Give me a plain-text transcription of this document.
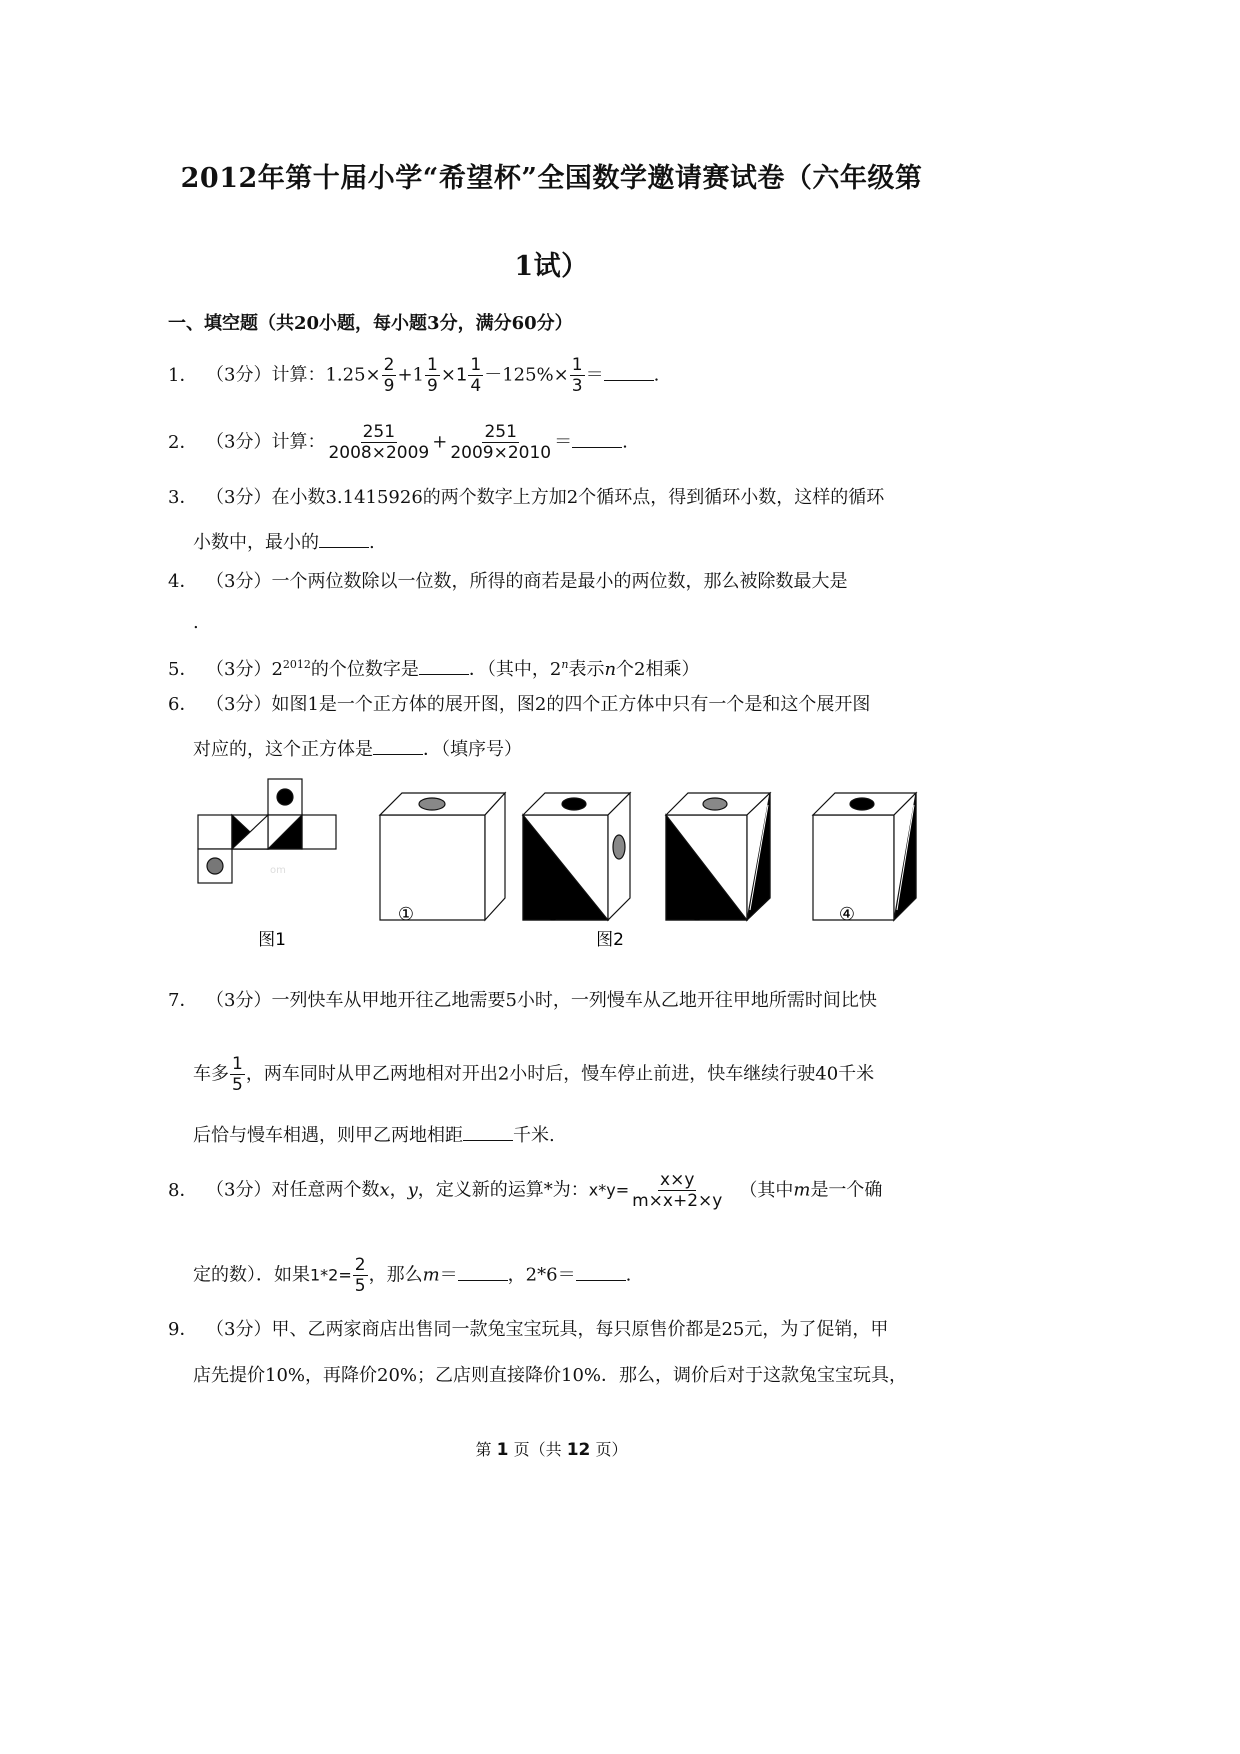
2012年第十届小学“希望杯”全国数学邀请赛试卷（六年级第
1试）
一、填空题（共20小题，每小题3分，满分60分）
1． （3分）计算：$1.25\times \frac{2}{9} +1 \frac{1}{9} \times 1 \frac{1}{4} -125\%\times \frac{1}{3}$ ＝	.
2． （3分）计算： $\frac{251}{2008\times 2009} + \frac{251}{2009\times 2010}$ ＝	.
3． （3分）在小数3.1415926的两个数字上方加2个循环点，得到循环小数，这样的循环
小数中，最小的	.
4． （3分）一个两位数除以一位数，所得的商若是最小的两位数，那么被除数最大是
.
5． （3分）$2^{2012}$的个位数字是	．（其中，2$^n$表示n个2相乘）
6． （3分）如图1是一个正方体的展开图，图2的四个正方体中只有一个是和这个展开图
对应的，这个正方体是	．（填序号）
om
①	②	③	④
图1	图2
7． （3分）一列快车从甲地开往乙地需要5小时，一列慢车从乙地开往甲地所需时间比快
车多 $\frac{1}{5}$ ，两车同时从甲乙两地相对开出2小时后，慢车停止前进，快车继续行驶40千米
后恰与慢车相遇，则甲乙两地相距	千米.
8． （3分）对任意两个数x，y，定义新的运算*为：$x*y= \frac{x\times y}{m\times x+2\times y}$ （其中m是一个确
定的数）．如果$1*2= \frac{2}{5}$ ，那么m＝	，2*6＝	.
9． （3分）甲、乙两家商店出售同一款兔宝宝玩具，每只原售价都是25元，为了促销，甲
店先提价10%，再降价20%；乙店则直接降价10%．那么，调价后对于这款兔宝宝玩具，
第 1 页（共 12 页）
